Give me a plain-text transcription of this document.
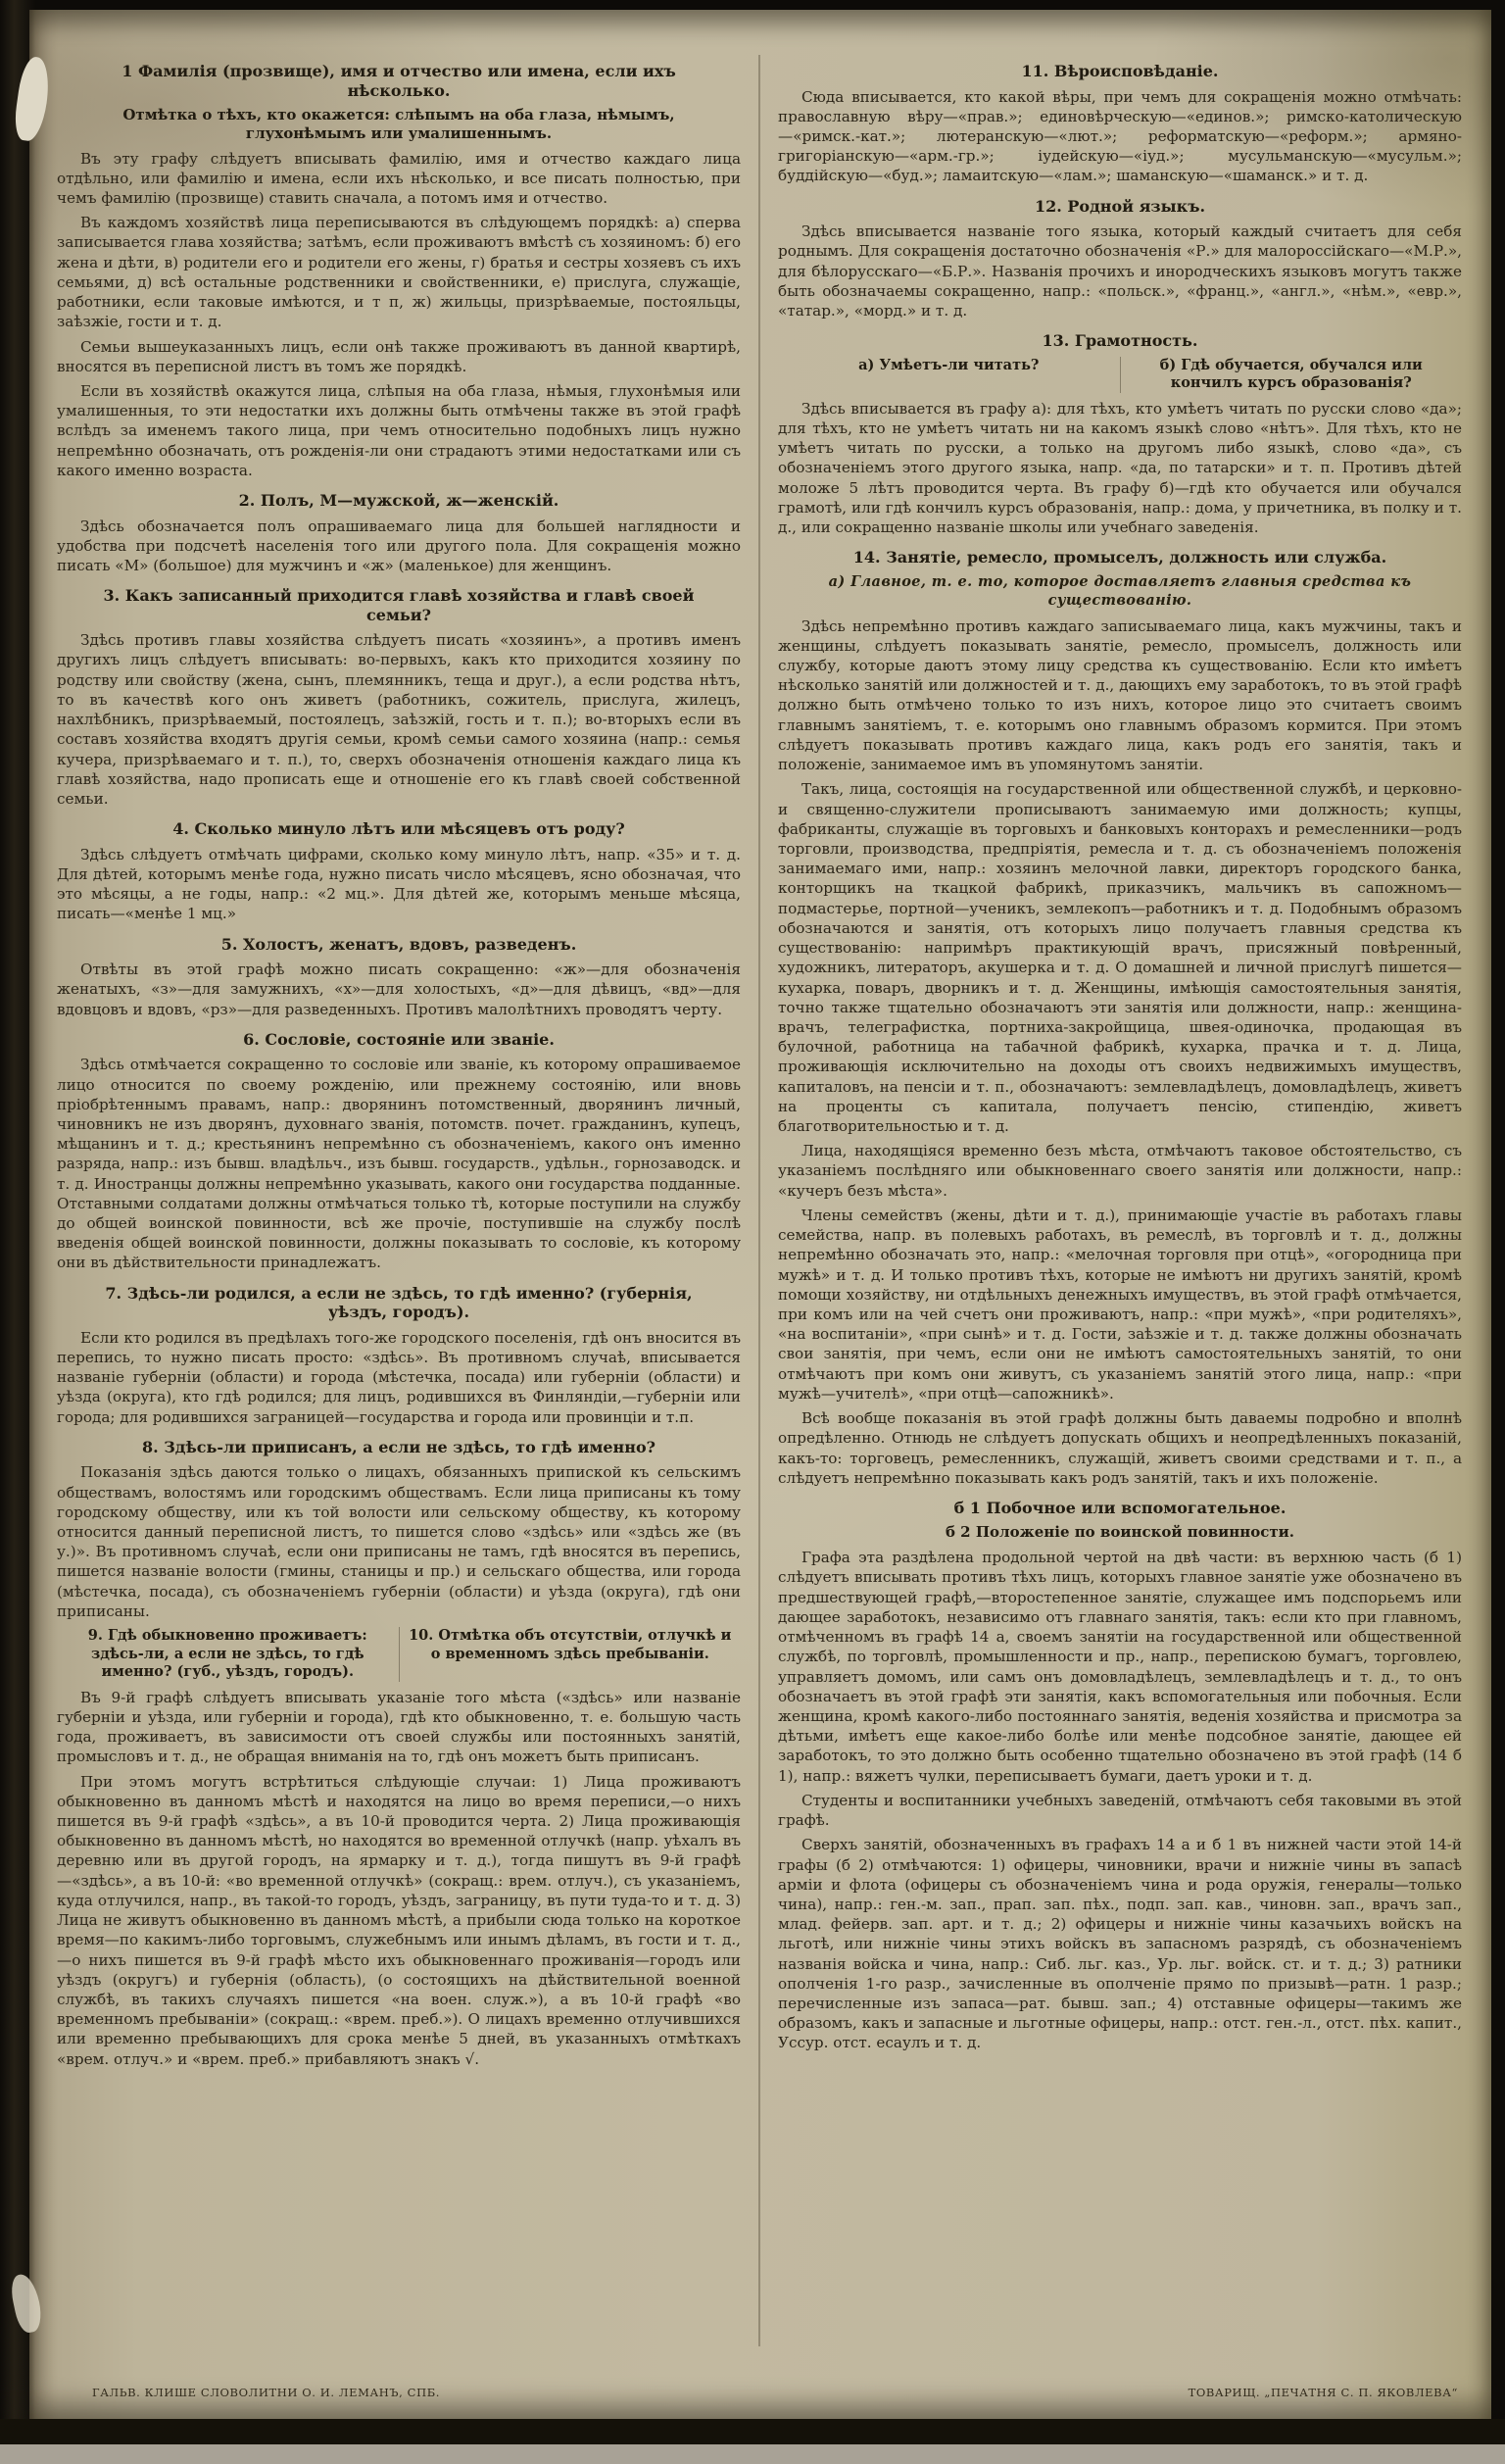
1 Фамилія (прозвище), имя и отчество или имена, если ихъ нѣсколько.
Отмѣтка о тѣхъ, кто окажется: слѣпымъ на оба глаза, нѣмымъ, глухонѣмымъ или умалишеннымъ.

Въ эту графу слѣдуетъ вписывать фамилію, имя и отчество каждаго лица отдѣльно, или фамилію и имена, если ихъ нѣсколько, и все писать полностью, при чемъ фамилію (прозвище) ставить сначала, а потомъ имя и отчество.

Въ каждомъ хозяйствѣ лица переписываются въ слѣдующемъ порядкѣ: а) сперва записывается глава хозяйства; затѣмъ, если проживаютъ вмѣстѣ съ хозяиномъ: б) его жена и дѣти, в) родители его и родители его жены, г) братья и сестры хозяевъ съ ихъ семьями, д) всѣ остальные родственники и свойственники, е) прислуга, служащіе, работники, если таковые имѣются, и т п, ж) жильцы, призрѣваемые, постояльцы, заѣзжіе, гости и т. д.

Семьи вышеуказанныхъ лицъ, если онѣ также проживаютъ въ данной квартирѣ, вносятся въ переписной листъ въ томъ же порядкѣ.

Если въ хозяйствѣ окажутся лица, слѣпыя на оба глаза, нѣмыя, глухонѣмыя или умалишенныя, то эти недостатки ихъ должны быть отмѣчены также въ этой графѣ вслѣдъ за именемъ такого лица, при чемъ относительно подобныхъ лицъ нужно непремѣнно обозначать, отъ рожденія-ли они страдаютъ этими недостатками или съ какого именно возраста.

2. Полъ, М—мужской, ж—женскій.

Здѣсь обозначается полъ опрашиваемаго лица для большей наглядности и удобства при подсчетѣ населенія того или другого пола. Для сокращенія можно писать «М» (большое) для мужчинъ и «ж» (маленькое) для женщинъ.

3. Какъ записанный приходится главѣ хозяйства и главѣ своей семьи?

Здѣсь противъ главы хозяйства слѣдуетъ писать «хозяинъ», а противъ именъ другихъ лицъ слѣдуетъ вписывать: во-первыхъ, какъ кто приходится хозяину по родству или свойству (жена, сынъ, племянникъ, теща и друг.), а если родства нѣтъ, то въ качествѣ кого онъ живетъ (работникъ, сожитель, прислуга, жилецъ, нахлѣбникъ, призрѣваемый, постоялецъ, заѣзжій, гость и т. п.); во-вторыхъ если въ составъ хозяйства входятъ другія семьи, кромѣ семьи самого хозяина (напр.: семья кучера, призрѣваемаго и т. п.), то, сверхъ обозначенія отношенія каждаго лица къ главѣ хозяйства, надо прописать еще и отношеніе его къ главѣ своей собственной семьи.

4. Сколько минуло лѣтъ или мѣсяцевъ отъ роду?

Здѣсь слѣдуетъ отмѣчать цифрами, сколько кому минуло лѣтъ, напр. «35» и т. д. Для дѣтей, которымъ менѣе года, нужно писать число мѣсяцевъ, ясно обозначая, что это мѣсяцы, а не годы, напр.: «2 мц.». Для дѣтей же, которымъ меньше мѣсяца, писать—«менѣе 1 мц.»

5. Холостъ, женатъ, вдовъ, разведенъ.

Отвѣты въ этой графѣ можно писать сокращенно: «ж»—для обозначенія женатыхъ, «з»—для замужнихъ, «х»—для холостыхъ, «д»—для дѣвицъ, «вд»—для вдовцовъ и вдовъ, «рз»—для разведенныхъ. Противъ малолѣтнихъ проводятъ черту.

6. Сословіе, состояніе или званіе.

Здѣсь отмѣчается сокращенно то сословіе или званіе, къ которому опрашиваемое лицо относится по своему рожденію, или прежнему состоянію, или вновь пріобрѣтеннымъ правамъ, напр.: дворянинъ потомственный, дворянинъ личный, чиновникъ не изъ дворянъ, духовнаго званія, потомств. почет. гражданинъ, купецъ, мѣщанинъ и т. д.; крестьянинъ непремѣнно съ обозначеніемъ, какого онъ именно разряда, напр.: изъ бывш. владѣльч., изъ бывш. государств., удѣльн., горнозаводск. и т. д. Иностранцы должны непремѣнно указывать, какого они государства подданные. Отставными солдатами должны отмѣчаться только тѣ, которые поступили на службу до общей воинской повинности, всѣ же прочіе, поступившіе на службу послѣ введенія общей воинской повинности, должны показывать то сословіе, къ которому они въ дѣйствительности принадлежатъ.

7. Здѣсь-ли родился, а если не здѣсь, то гдѣ именно? (губернія, уѣздъ, городъ).

Если кто родился въ предѣлахъ того-же городского поселенія, гдѣ онъ вносится въ перепись, то нужно писать просто: «здѣсь». Въ противномъ случаѣ, вписывается названіе губерніи (области) и города (мѣстечка, посада) или губерніи (области) и уѣзда (округа), кто гдѣ родился; для лицъ, родившихся въ Финляндіи,—губерніи или города; для родившихся заграницей—государства и города или провинціи и т.п.

8. Здѣсь-ли приписанъ, а если не здѣсь, то гдѣ именно?

Показанія здѣсь даются только о лицахъ, обязанныхъ припиской къ сельскимъ обществамъ, волостямъ или городскимъ обществамъ. Если лица приписаны къ тому городскому обществу, или къ той волости или сельскому обществу, къ которому относится данный переписной листъ, то пишется слово «здѣсь» или «здѣсь же (въ у.)». Въ противномъ случаѣ, если они приписаны не тамъ, гдѣ вносятся въ перепись, пишется названіе волости (гмины, станицы и пр.) и сельскаго общества, или города (мѣстечка, посада), съ обозначеніемъ губерніи (области) и уѣзда (округа), гдѣ они приписаны.

9. Гдѣ обыкновенно проживаетъ: здѣсь-ли, а если не здѣсь, то гдѣ именно? (губ., уѣздъ, городъ).
10. Отмѣтка объ отсутствіи, отлучкѣ и о временномъ здѣсь пребываніи.

Въ 9-й графѣ слѣдуетъ вписывать указаніе того мѣста («здѣсь» или названіе губерніи и уѣзда, или губерніи и города), гдѣ кто обыкновенно, т. е. большую часть года, проживаетъ, въ зависимости отъ своей службы или постоянныхъ занятій, промысловъ и т. д., не обращая вниманія на то, гдѣ онъ можетъ быть приписанъ.

При этомъ могутъ встрѣтиться слѣдующіе случаи: 1) Лица проживаютъ обыкновенно въ данномъ мѣстѣ и находятся на лицо во время переписи,—о нихъ пишется въ 9-й графѣ «здѣсь», а въ 10-й проводится черта. 2) Лица проживающія обыкновенно въ данномъ мѣстѣ, но находятся во временной отлучкѣ (напр. уѣхалъ въ деревню или въ другой городъ, на ярмарку и т. д.), тогда пишутъ въ 9-й графѣ—«здѣсь», а въ 10-й: «во временной отлучкѣ» (сокращ.: врем. отлуч.), съ указаніемъ, куда отлучился, напр., въ такой-то городъ, уѣздъ, заграницу, въ пути туда-то и т. д. 3) Лица не живутъ обыкновенно въ данномъ мѣстѣ, а прибыли сюда только на короткое время—по какимъ-либо торговымъ, служебнымъ или инымъ дѣламъ, въ гости и т. д.,—о нихъ пишется въ 9-й графѣ мѣсто ихъ обыкновеннаго проживанія—городъ или уѣздъ (округъ) и губернія (область), (о состоящихъ на дѣйствительной военной службѣ, въ такихъ случаяхъ пишется «на воен. служ.»), а въ 10-й графѣ «во временномъ пребываніи» (сокращ.: «врем. преб.»). О лицахъ временно отлучившихся или временно пребывающихъ для срока менѣе 5 дней, въ указанныхъ отмѣткахъ «врем. отлуч.» и «врем. преб.» прибавляютъ знакъ √.

11. Вѣроисповѣданіе.

Сюда вписывается, кто какой вѣры, при чемъ для сокращенія можно отмѣчать: православную вѣру—«прав.»; единовѣрческую—«единов.»; римско-католическую—«римск.-кат.»; лютеранскую—«лют.»; реформатскую—«реформ.»; армяно-григоріанскую—«арм.-гр.»; іудейскую—«іуд.»; мусульманскую—«мусульм.»; буддійскую—«буд.»; ламаитскую—«лам.»; шаманскую—«шаманск.» и т. д.

12. Родной языкъ.

Здѣсь вписывается названіе того языка, который каждый считаетъ для себя роднымъ. Для сокращенія достаточно обозначенія «Р.» для малороссійскаго—«М.Р.», для бѣлорусскаго—«Б.Р.». Названія прочихъ и инородческихъ языковъ могутъ также быть обозначаемы сокращенно, напр.: «польск.», «франц.», «англ.», «нѣм.», «евр.», «татар.», «морд.» и т. д.

13. Грамотность.
а) Умѣетъ-ли читать?	б) Гдѣ обучается, обучался или кончилъ курсъ образованія?

Здѣсь вписывается въ графу а): для тѣхъ, кто умѣетъ читать по русски слово «да»; для тѣхъ, кто не умѣетъ читать ни на какомъ языкѣ слово «нѣтъ». Для тѣхъ, кто не умѣетъ читать по русски, а только на другомъ либо языкѣ, слово «да», съ обозначеніемъ этого другого языка, напр. «да, по татарски» и т. п. Противъ дѣтей моложе 5 лѣтъ проводится черта. Въ графу б)—гдѣ кто обучается или обучался грамотѣ, или гдѣ кончилъ курсъ образованія, напр.: дома, у причетника, въ полку и т. д., или сокращенно названіе школы или учебнаго заведенія.

14. Занятіе, ремесло, промыселъ, должность или служба.
а) Главное, т. е. то, которое доставляетъ главныя средства къ существованію.

Здѣсь непремѣнно противъ каждаго записываемаго лица, какъ мужчины, такъ и женщины, слѣдуетъ показывать занятіе, ремесло, промыселъ, должность или службу, которые даютъ этому лицу средства къ существованію. Если кто имѣетъ нѣсколько занятій или должностей и т. д., дающихъ ему заработокъ, то въ этой графѣ должно быть отмѣчено только то изъ нихъ, которое лицо это считаетъ своимъ главнымъ занятіемъ, т. е. которымъ оно главнымъ образомъ кормится. При этомъ слѣдуетъ показывать противъ каждаго лица, какъ родъ его занятія, такъ и положеніе, занимаемое имъ въ упомянутомъ занятіи.

Такъ, лица, состоящія на государственной или общественной службѣ, и церковно- и священно-служители прописываютъ занимаемую ими должность; купцы, фабриканты, служащіе въ торговыхъ и банковыхъ конторахъ и ремесленники—родъ торговли, производства, предпріятія, ремесла и т. д. съ обозначеніемъ положенія занимаемаго ими, напр.: хозяинъ мелочной лавки, директоръ городского банка, конторщикъ на ткацкой фабрикѣ, приказчикъ, мальчикъ въ сапожномъ—подмастерье, портной—ученикъ, землекопъ—работникъ и т. д. Подобнымъ образомъ обозначаются и занятія, отъ которыхъ лицо получаетъ главныя средства къ существованію: напримѣръ практикующій врачъ, присяжный повѣренный, художникъ, литераторъ, акушерка и т. д. О домашней и личной прислугѣ пишется—кухарка, поваръ, дворникъ и т. д. Женщины, имѣющія самостоятельныя занятія, точно также тщательно обозначаютъ эти занятія или должности, напр.: женщина-врачъ, телеграфистка, портниха-закройщица, швея-одиночка, продающая въ булочной, работница на табачной фабрикѣ, кухарка, прачка и т. д. Лица, проживающія исключительно на доходы отъ своихъ недвижимыхъ имуществъ, капиталовъ, на пенсіи и т. п., обозначаютъ: землевладѣлецъ, домовладѣлецъ, живетъ на проценты съ капитала, получаетъ пенсію, стипендію, живетъ благотворительностью и т. д.

Лица, находящіяся временно безъ мѣста, отмѣчаютъ таковое обстоятельство, съ указаніемъ послѣдняго или обыкновеннаго своего занятія или должности, напр.: «кучеръ безъ мѣста».

Члены семействъ (жены, дѣти и т. д.), принимающіе участіе въ работахъ главы семейства, напр. въ полевыхъ работахъ, въ ремеслѣ, въ торговлѣ и т. д., должны непремѣнно обозначать это, напр.: «мелочная торговля при отцѣ», «огородница при мужѣ» и т. д. И только противъ тѣхъ, которые не имѣютъ ни другихъ занятій, кромѣ помощи хозяйству, ни отдѣльныхъ денежныхъ имуществъ, въ этой графѣ отмѣчается, при комъ или на чей счетъ они проживаютъ, напр.: «при мужѣ», «при родителяхъ», «на воспитаніи», «при сынѣ» и т. д. Гости, заѣзжіе и т. д. также должны обозначать свои занятія, при чемъ, если они не имѣютъ самостоятельныхъ занятій, то они отмѣчаютъ при комъ они живутъ, съ указаніемъ занятій этого лица, напр.: «при мужѣ—учителѣ», «при отцѣ—сапожникѣ».

Всѣ вообще показанія въ этой графѣ должны быть даваемы подробно и вполнѣ опредѣленно. Отнюдь не слѣдуетъ допускать общихъ и неопредѣленныхъ показаній, какъ-то: торговецъ, ремесленникъ, служащій, живетъ своими средствами и т. п., а слѣдуетъ непремѣнно показывать какъ родъ занятій, такъ и ихъ положеніе.

б 1 Побочное или вспомогательное.
б 2 Положеніе по воинской повинности.

Графа эта раздѣлена продольной чертой на двѣ части: въ верхнюю часть (б 1) слѣдуетъ вписывать противъ тѣхъ лицъ, которыхъ главное занятіе уже обозначено въ предшествующей графѣ,—второстепенное занятіе, служащее имъ подспорьемъ или дающее заработокъ, независимо отъ главнаго занятія, такъ: если кто при главномъ, отмѣченномъ въ графѣ 14 а, своемъ занятіи на государственной или общественной службѣ, по торговлѣ, промышленности и пр., напр., перепискою бумагъ, торговлею, управляетъ домомъ, или самъ онъ домовладѣлецъ, землевладѣлецъ и т. д., то онъ обозначаетъ въ этой графѣ эти занятія, какъ вспомогательныя или побочныя. Если женщина, кромѣ какого-либо постояннаго занятія, веденія хозяйства и присмотра за дѣтьми, имѣетъ еще какое-либо болѣе или менѣе подсобное занятіе, дающее ей заработокъ, то это должно быть особенно тщательно обозначено въ этой графѣ (14 б 1), напр.: вяжетъ чулки, переписываетъ бумаги, даетъ уроки и т. д.

Студенты и воспитанники учебныхъ заведеній, отмѣчаютъ себя таковыми въ этой графѣ.

Сверхъ занятій, обозначенныхъ въ графахъ 14 а и б 1 въ нижней части этой 14-й графы (б 2) отмѣчаются: 1) офицеры, чиновники, врачи и нижніе чины въ запасѣ арміи и флота (офицеры съ обозначеніемъ чина и рода оружія, генералы—только чина), напр.: ген.-м. зап., прап. зап. пѣх., подп. зап. кав., чиновн. зап., врачъ зап., млад. фейерв. зап. арт. и т. д.; 2) офицеры и нижніе чины казачьихъ войскъ на льготѣ, или нижніе чины этихъ войскъ въ запасномъ разрядѣ, съ обозначеніемъ названія войска и чина, напр.: Сиб. льг. каз., Ур. льг. войск. ст. и т. д.; 3) ратники ополченія 1-го разр., зачисленные въ ополченіе прямо по призывѣ—ратн. 1 разр.; перечисленные изъ запаса—рат. бывш. зап.; 4) отставные офицеры—такимъ же образомъ, какъ и запасные и льготные офицеры, напр.: отст. ген.-л., отст. пѣх. капит., Уссур. отст. есаулъ и т. д.

ГАЛЬВ. КЛИШЕ СЛОВОЛИТНИ О. И. ЛЕМАНЪ, СПБ.	ТОВАРИЩ. „ПЕЧАТНЯ С. П. ЯКОВЛЕВА“
